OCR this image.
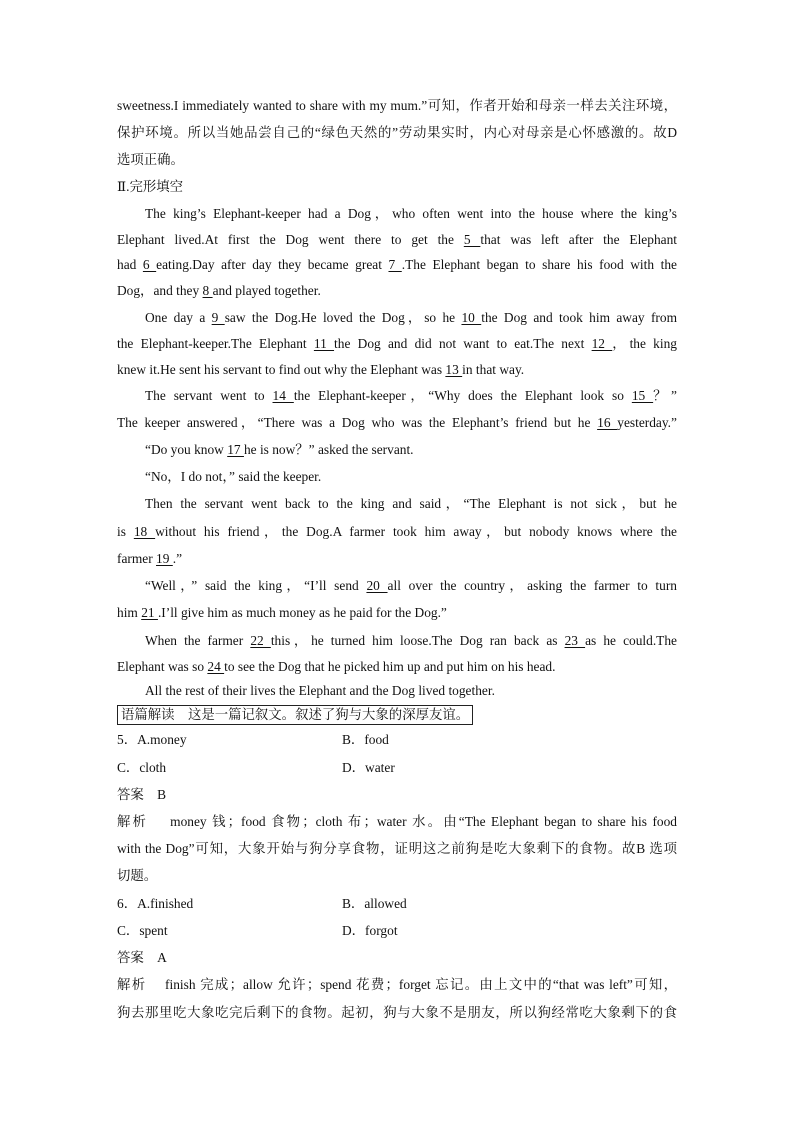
sweetness.I immediately wanted to share with my mum.”可知，作者开始和母亲一样去关注环境，
保护环境。所以当她品尝自己的“绿色天然的”劳动果实时，内心对母亲是心怀感激的。故D
选项正确。
Ⅱ.完形填空
The king’s Elephant-keeper had a Dog，who often went into the house where the king’s
Elephant lived.At first the Dog went there to get the 5 that was left after the Elephant
had 6 eating.Day after day they became great 7 .The Elephant began to share his food with the
Dog，and they 8 and played together.
One day a 9 saw the Dog.He loved the Dog，so he 10 the Dog and took him away from
the Elephant-keeper.The Elephant 11 the Dog and did not want to eat.The next 12 ，the king
knew it.He sent his servant to find out why the Elephant was 13 in that way.
The servant went to 14 the Elephant-keeper，“Why does the Elephant look so 15 ？”
The keeper answered，“There was a Dog who was the Elephant’s friend but he 16 yesterday.”
“Do you know 17 he is now？” asked the servant.
“No，I do not，” said the keeper.
Then the servant went back to the king and said，“The Elephant is not sick，but he
is 18 without his friend，the Dog.A farmer took him away，but nobody knows where the
farmer 19 .”
“Well，” said the king，“I’ll send 20 all over the country，asking the farmer to turn
him 21 .I’ll give him as much money as he paid for the Dog.”
When the farmer 22 this，he turned him loose.The Dog ran back as 23 as he could.The
Elephant was so 24 to see the Dog that he picked him up and put him on his head.
All the rest of their lives the Elephant and the Dog lived together.
语篇解读　这是一篇记叙文。叙述了狗与大象的深厚友谊。
5．A.money	B．food
C．cloth	D．water
答案 B
解析 money 钱；food 食物；cloth 布；water 水。由“The Elephant began to share his food
with the Dog”可知，大象开始与狗分享食物，证明这之前狗是吃大象剩下的食物。故B 选项
切题。
6．A.finished	B．allowed
C．spent	D．forgot
答案 A
解析 finish 完成；allow 允许；spend 花费；forget 忘记。由上文中的“that was left”可知，
狗去那里吃大象吃完后剩下的食物。起初，狗与大象不是朋友，所以狗经常吃大象剩下的食
